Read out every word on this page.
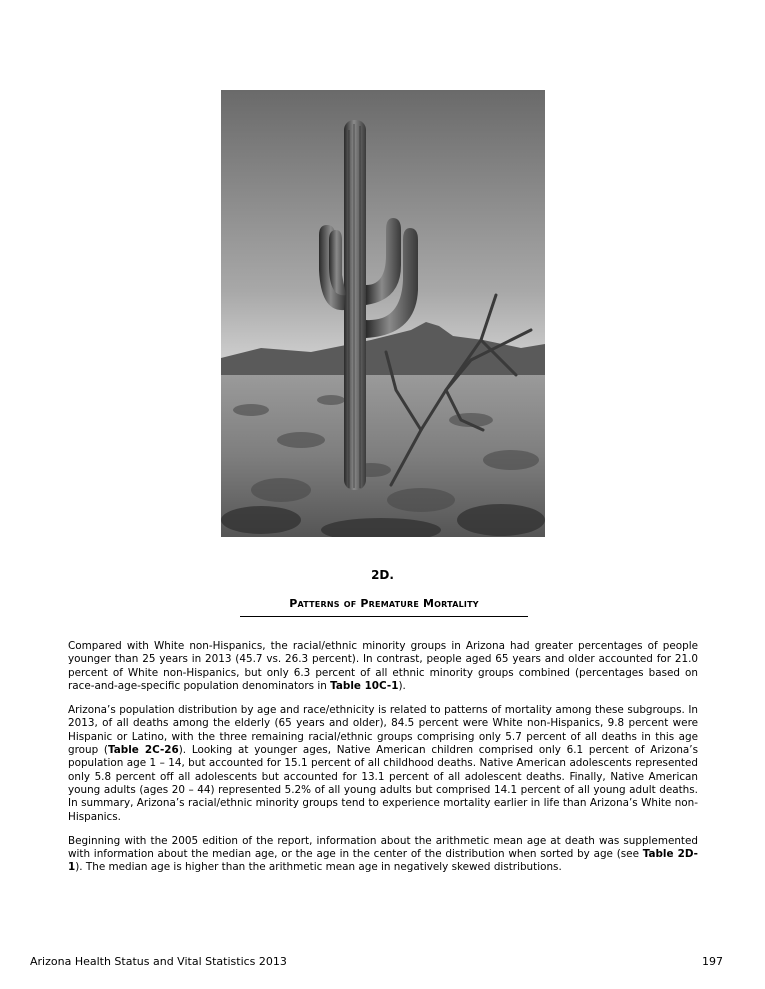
2D.
Patterns of Premature Mortality

Compared with White non-Hispanics, the racial/ethnic minority groups in Arizona had greater percentages of people younger than 25 years in 2013 (45.7 vs. 26.3 percent). In contrast, people aged 65 years and older accounted for 21.0 percent of White non-Hispanics, but only 6.3 percent of all ethnic minority groups combined (percentages based on race-and-age-specific population denominators in Table 10C-1).

Arizona’s population distribution by age and race/ethnicity is related to patterns of mortality among these subgroups. In 2013, of all deaths among the elderly (65 years and older), 84.5 percent were White non-Hispanics, 9.8 percent were Hispanic or Latino, with the three remaining racial/ethnic groups comprising only 5.7 percent of all deaths in this age group (Table 2C-26). Looking at younger ages, Native American children comprised only 6.1 percent of Arizona’s population age 1 – 14, but accounted for 15.1 percent of all childhood deaths. Native American adolescents represented only 5.8 percent off all adolescents but accounted for 13.1 percent of all adolescent deaths. Finally, Native American young adults (ages 20 – 44) represented 5.2% of all young adults but comprised 14.1 percent of all young adult deaths. In summary, Arizona’s racial/ethnic minority groups tend to experience mortality earlier in life than Arizona’s White non-Hispanics.

Beginning with the 2005 edition of the report, information about the arithmetic mean age at death was supplemented with information about the median age, or the age in the center of the distribution when sorted by age (see Table 2D-1). The median age is higher than the arithmetic mean age in negatively skewed distributions.

Arizona Health Status and Vital Statistics 2013	197
